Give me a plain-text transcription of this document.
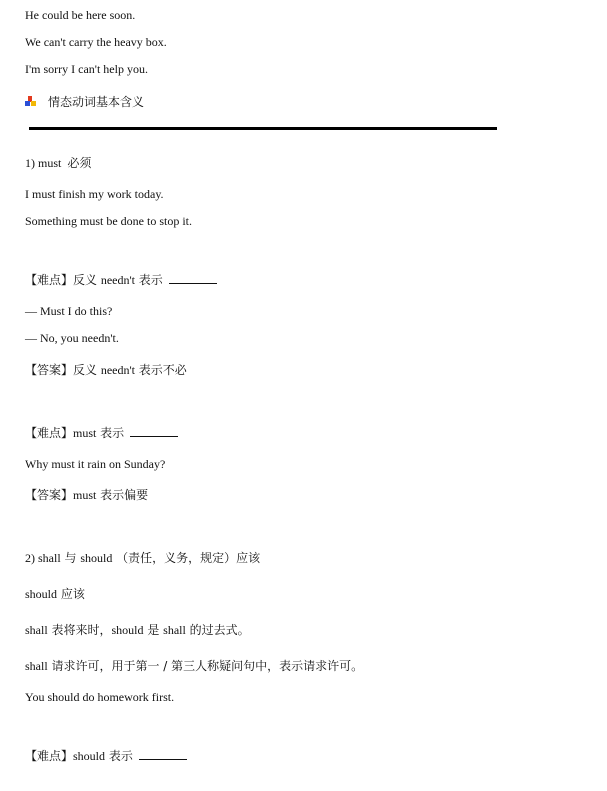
He could be here soon.
We can't carry the heavy box.
I'm sorry I can't help you.
情态动词基本含义
1) must 必须
I must finish my work today.
Something must be done to stop it.
【难点】反义 needn't 表示
— Must I do this?
— No, you needn't.
【答案】反义 needn't 表示不必
【难点】must 表示
Why must it rain on Sunday?
【答案】must 表示偏要
2) shall 与 should （责任，义务，规定）应该
should 应该
shall 表将来时，should 是 shall 的过去式。
shall 请求许可，用于第一 / 第三人称疑问句中，表示请求许可。
You should do homework first.
【难点】should 表示
